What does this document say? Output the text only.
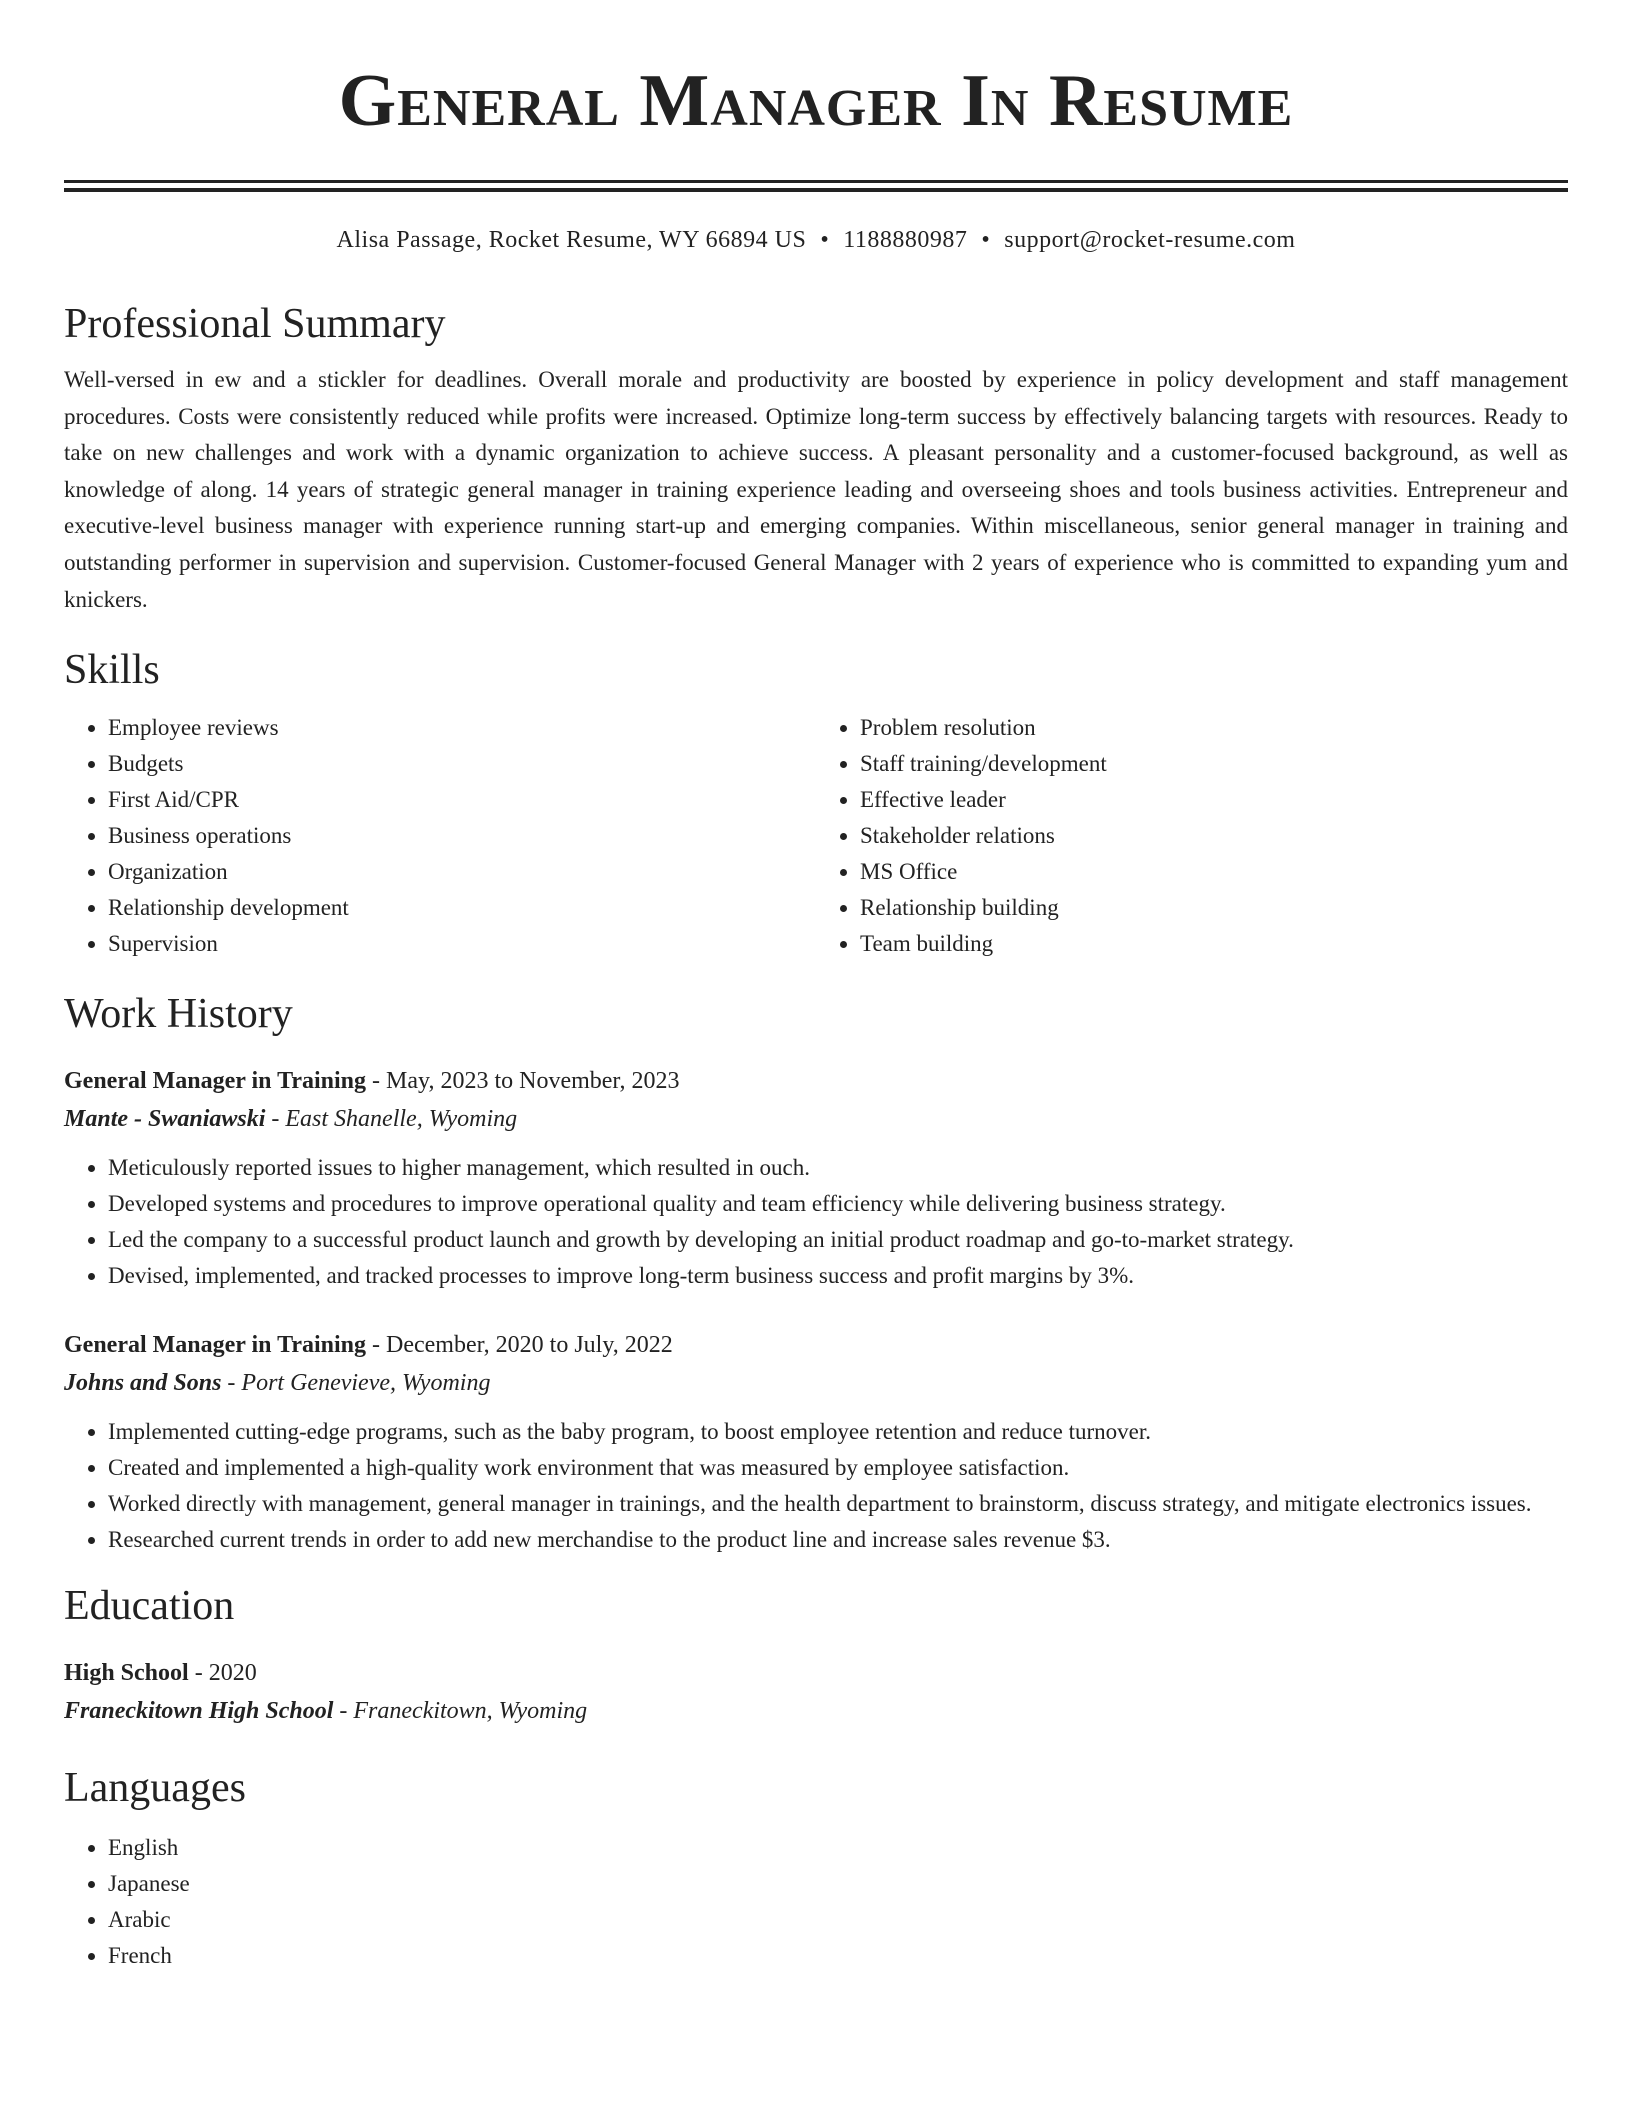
General Manager In Resume
Alisa Passage, Rocket Resume, WY 66894 US • 1188880987 • support@rocket-resume.com
Professional Summary

Well-versed in ew and a stickler for deadlines. Overall morale and productivity are boosted by experience in policy development and staff management procedures. Costs were consistently reduced while profits were increased. Optimize long-term success by effectively balancing targets with resources. Ready to take on new challenges and work with a dynamic organization to achieve success. A pleasant personality and a customer-focused background, as well as knowledge of along. 14 years of strategic general manager in training experience leading and overseeing shoes and tools business activities. Entrepreneur and executive-level business manager with experience running start-up and emerging companies. Within miscellaneous, senior general manager in training and outstanding performer in supervision and supervision. Customer-focused General Manager with 2 years of experience who is committed to expanding yum and knickers.

Skills
• Employee reviews
• Budgets
• First Aid/CPR
• Business operations
• Organization
• Relationship development
• Supervision
• Problem resolution
• Staff training/development
• Effective leader
• Stakeholder relations
• MS Office
• Relationship building
• Team building
Work History
General Manager in Training - May, 2023 to November, 2023
Mante - Swaniawski - East Shanelle, Wyoming
• Meticulously reported issues to higher management, which resulted in ouch.
• Developed systems and procedures to improve operational quality and team efficiency while delivering business strategy.
• Led the company to a successful product launch and growth by developing an initial product roadmap and go-to-market strategy.
• Devised, implemented, and tracked processes to improve long-term business success and profit margins by 3%.
General Manager in Training - December, 2020 to July, 2022
Johns and Sons - Port Genevieve, Wyoming
• Implemented cutting-edge programs, such as the baby program, to boost employee retention and reduce turnover.
• Created and implemented a high-quality work environment that was measured by employee satisfaction.
• Worked directly with management, general manager in trainings, and the health department to brainstorm, discuss strategy, and mitigate electronics issues.
• Researched current trends in order to add new merchandise to the product line and increase sales revenue $3.
Education
High School - 2020
Franeckitown High School - Franeckitown, Wyoming
Languages
• English
• Japanese
• Arabic
• French
